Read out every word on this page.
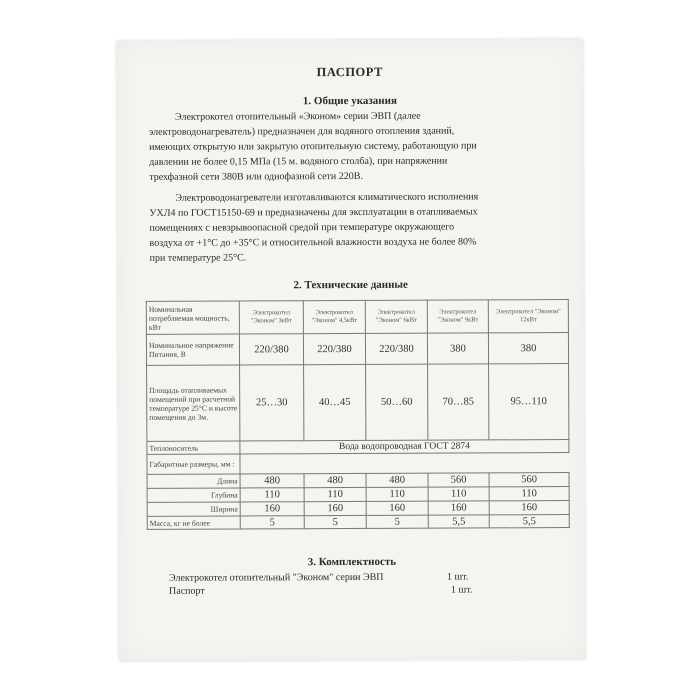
ПАСПОРТ
1. Общие указания
Электрокотел отопительный «Эконом» серии ЭВП (далее
электроводонагреватель) предназначен для водяного отопления зданий,
имеющих открытую или закрытую отопительную систему, работающую при
давлении не более 0,15 МПа (15 м. водяного столба), при напряжении
трехфазной сети 380В или однофазной сети 220В.
Электроводонагреватели изготавливаются климатического исполнения
УХЛ4 по ГОСТ15150-69 и предназначены для эксплуатации в отапливаемых
помещениях с невзрывоопасной средой при температуре окружающего
воздуха от +1°С до +35°С и относительной влажности воздуха не более 80%
при температуре 25°С.
2. Технические данные
Номинальная потребляемая мощность, кВт	Электрокотел "Эконом" 3кВт	Электрокотел "Эконом" 4,5кВт	Электрокотел "Эконом" 6кВт	Электрокотел "Эконом" 9кВт	Электрокотел "Эконом" 12кВт
Номинальное напряжение Питания, В	220/380	220/380	220/380	380	380
Площадь отапливаемых помещений при расчетной температуре 25°С и высоте помещения до 3м.	25…30	40…45	50…60	70…85	95…110
Теплоноситель	Вода водопроводная ГОСТ 2874				
Габаритные размеры, мм :					
Длина	480	480	480	560	560
Глубина	110	110	110	110	110
Ширина	160	160	160	160	160
Масса, кг не более	5	5	5	5,5	5,5
3. Комплектность
Электрокотел отопительный "Эконом" серии ЭВП	1 шт.
Паспорт	1 шт.
